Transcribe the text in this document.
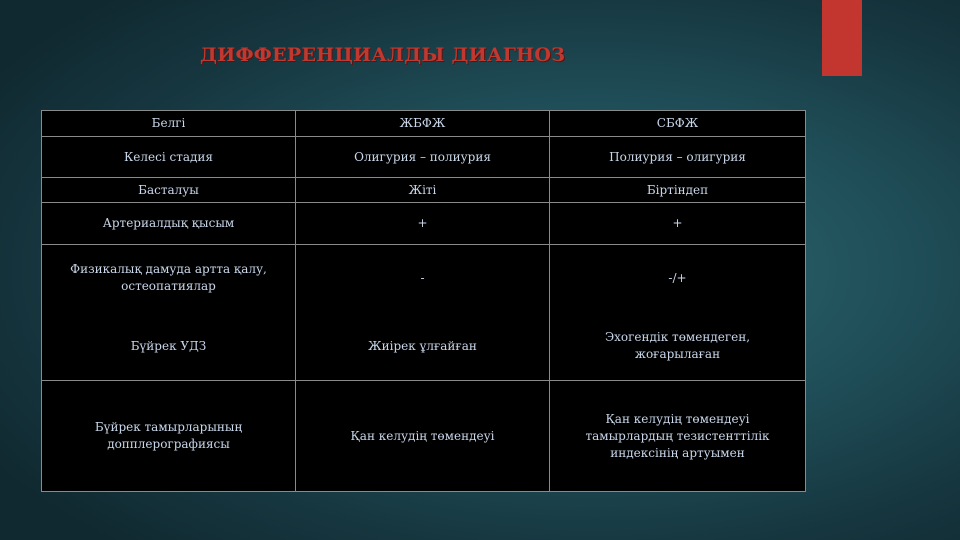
ДИФФЕРЕНЦИАЛДЫ ДИАГНОЗ
Белгі	ЖБФЖ	СБФЖ
Келесі стадия	Олигурия – полиурия	Полиурия – олигурия
Басталуы	Жіті	Біртіндеп
Артериалдық қысым	+	+
Физикалық дамуда артта қалу, остеопатиялар	-	-/+
Бүйрек УДЗ	Жиірек ұлғайған	Эхогендік төмендеген, жоғарылаған
Бүйрек тамырларының допплерографиясы	Қан келудің төмендеуі	Қан келудің төмендеуі тамырлардың тезистенттілік индексінің артуымен
